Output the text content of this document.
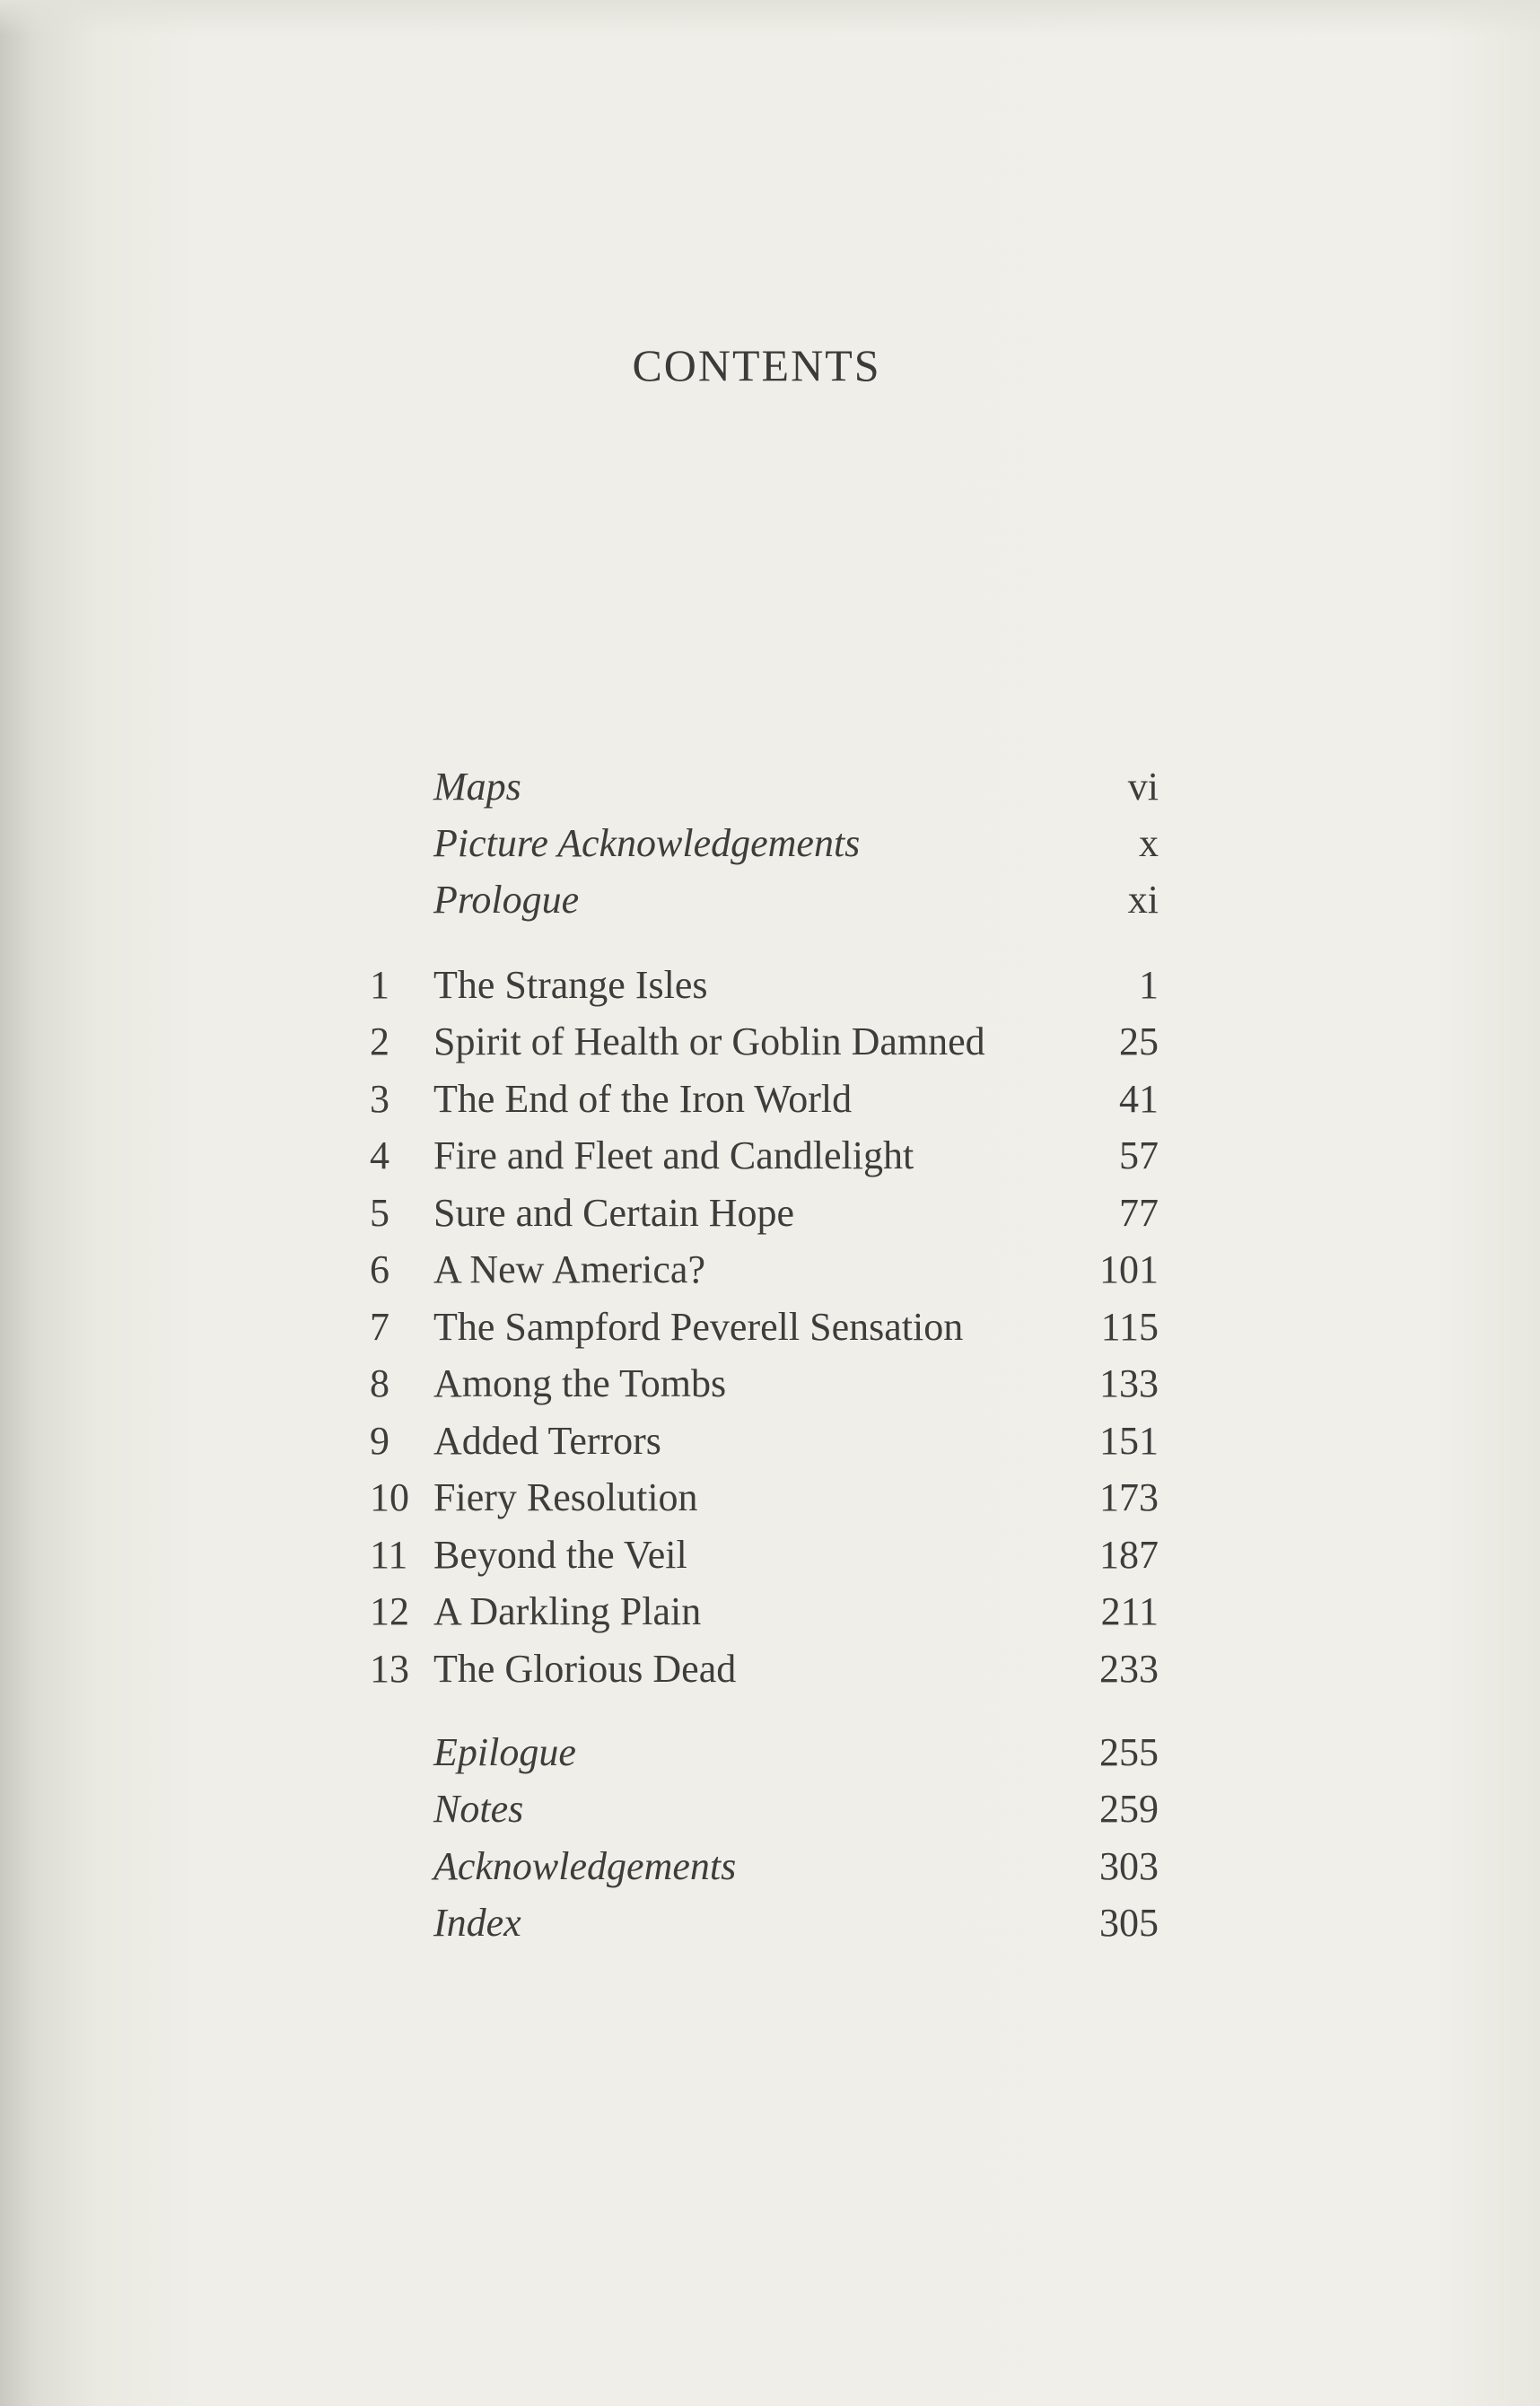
CONTENTS
Maps	vi
Picture Acknowledgements	x
Prologue	xi
1 The Strange Isles	1
2 Spirit of Health or Goblin Damned	25
3 The End of the Iron World	41
4 Fire and Fleet and Candlelight	57
5 Sure and Certain Hope	77
6 A New America?	101
7 The Sampford Peverell Sensation	115
8 Among the Tombs	133
9 Added Terrors	151
10 Fiery Resolution	173
11 Beyond the Veil	187
12 A Darkling Plain	211
13 The Glorious Dead	233
Epilogue	255
Notes	259
Acknowledgements	303
Index	305
